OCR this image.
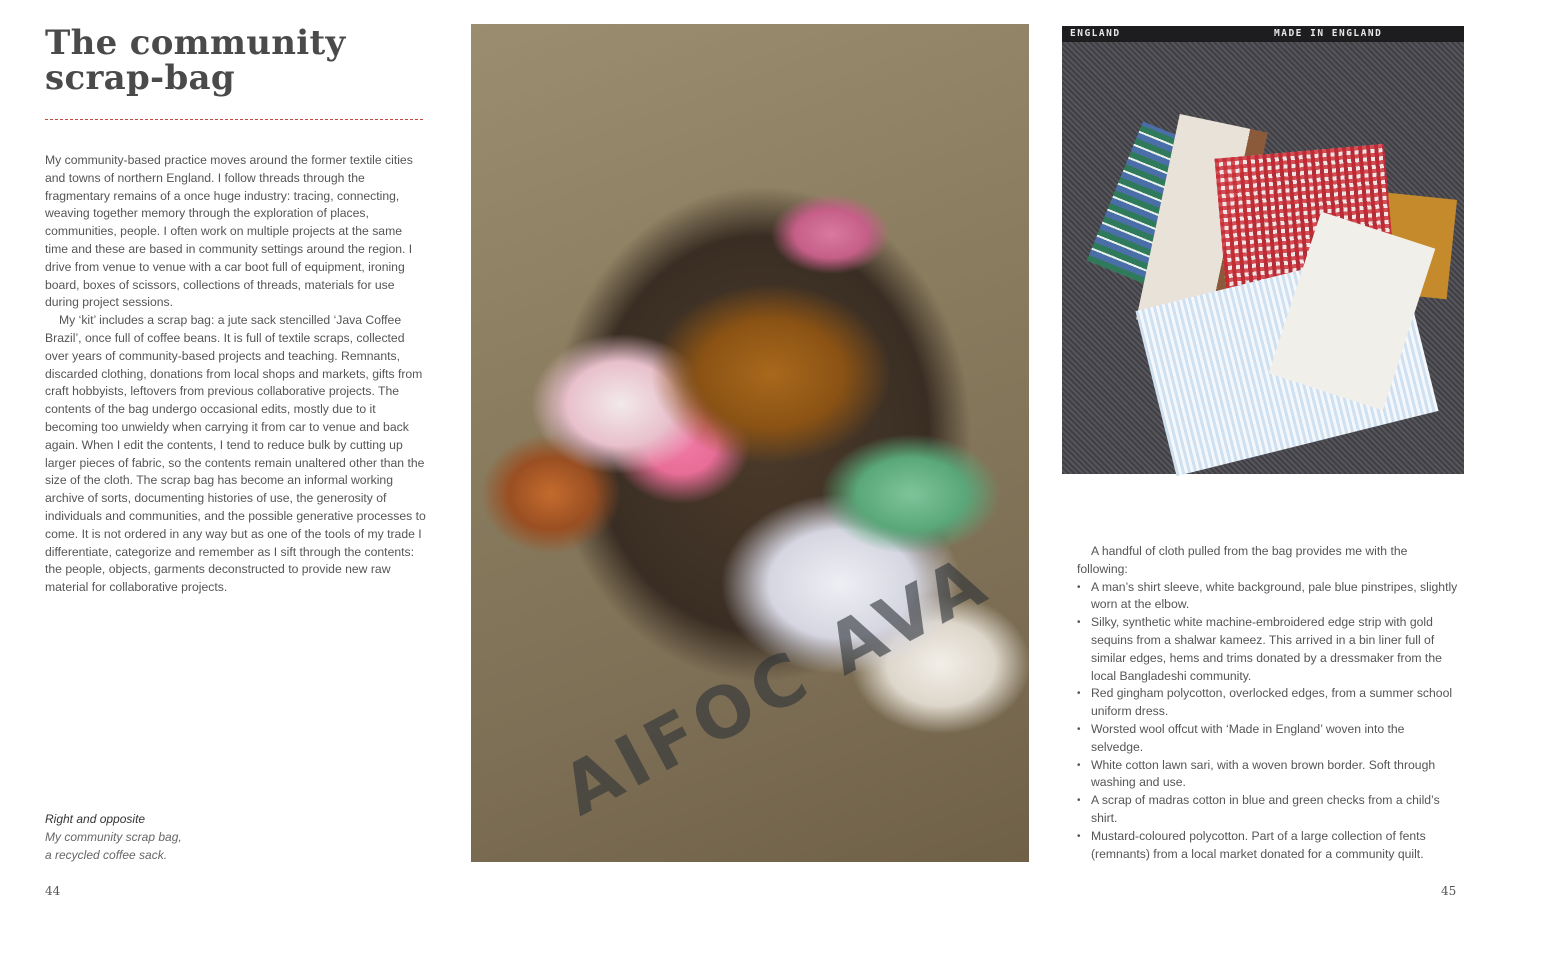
The community
scrap-bag

My community-based practice moves around the former textile cities and towns of northern England. I follow threads through the fragmentary remains of a once huge industry: tracing, connecting, weaving together memory through the exploration of places, communities, people. I often work on multiple projects at the same time and these are based in community settings around the region. I drive from venue to venue with a car boot full of equipment, ironing board, boxes of scissors, collections of threads, materials for use during project sessions.

My ‘kit’ includes a scrap bag: a jute sack stencilled ‘Java Coffee Brazil’, once full of coffee beans. It is full of textile scraps, collected over years of community-based projects and teaching. Remnants, discarded clothing, donations from local shops and markets, gifts from craft hobbyists, leftovers from previous collaborative projects. The contents of the bag undergo occasional edits, mostly due to it becoming too unwieldy when carrying it from car to venue and back again. When I edit the contents, I tend to reduce bulk by cutting up larger pieces of fabric, so the contents remain unaltered other than the size of the cloth. The scrap bag has become an informal working archive of sorts, documenting histories of use, the generosity of individuals and communities, and the possible generative processes to come. It is not ordered in any way but as one of the tools of my trade I differentiate, categorize and remember as I sift through the contents: the people, objects, garments deconstructed to provide new raw material for collaborative projects.

Right and opposite
My community scrap bag,
a recycled coffee sack.
44
AIFOC AVA
ENGLAND	MADE IN ENGLAND

A handful of cloth pulled from the bag provides me with the following:

• A man’s shirt sleeve, white background, pale blue pinstripes, slightly worn at the elbow.
• Silky, synthetic white machine-embroidered edge strip with gold sequins from a shalwar kameez. This arrived in a bin liner full of similar edges, hems and trims donated by a dressmaker from the local Bangladeshi community.
• Red gingham polycotton, overlocked edges, from a summer school uniform dress.
• Worsted wool offcut with ‘Made in England’ woven into the selvedge.
• White cotton lawn sari, with a woven brown border. Soft through washing and use.
• A scrap of madras cotton in blue and green checks from a child’s shirt.
• Mustard-coloured polycotton. Part of a large collection of fents (remnants) from a local market donated for a community quilt.
45
